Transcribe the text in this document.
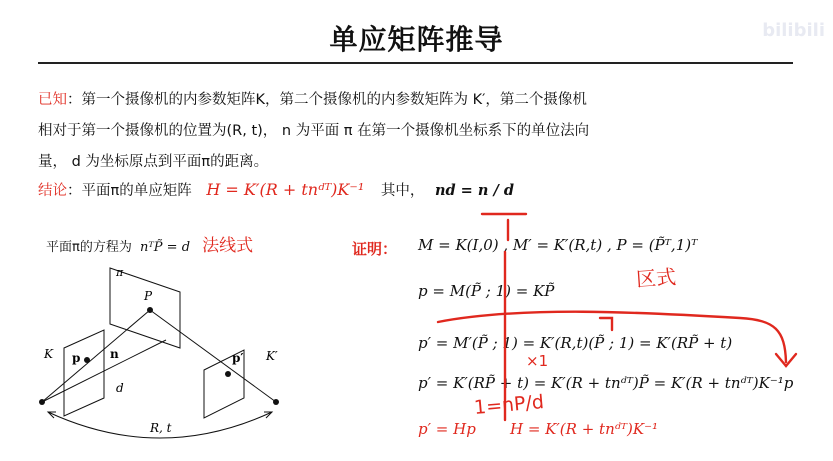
单应矩阵推导	bilibili
已知：第一个摄像机的内参数矩阵K，第二个摄像机的内参数矩阵为 K′，第二个摄像机
相对于第一个摄像机的位置为(R, t)， n 为平面 π 在第一个摄像机坐标系下的单位法向
量， d 为坐标原点到平面π的距离。
结论：平面π的单应矩阵 H = K′(R + tnᵈᵀ)K⁻¹ 其中， nd = n / d
平面π的方程为 nᵀP̃ = d 法线式	证明： M = K(I,0) , M′ = K′(R,t) , P = (P̃ᵀ,1)ᵀ
p = M(P̃ ; 1) = KP̃
p′ = M′(P̃ ; 1) = K′(R,t)(P̃ ; 1) = K′(RP̃ + t)
p′ = K′(RP̃ + t) = K′(R + tnᵈᵀ)P̃ = K′(R + tnᵈᵀ)K⁻¹p
p′ = Hp H = K′(R + tnᵈᵀ)K⁻¹
区式
×1
1=nP/d
π
P
K	K′
p	p′
n
d
R, t
